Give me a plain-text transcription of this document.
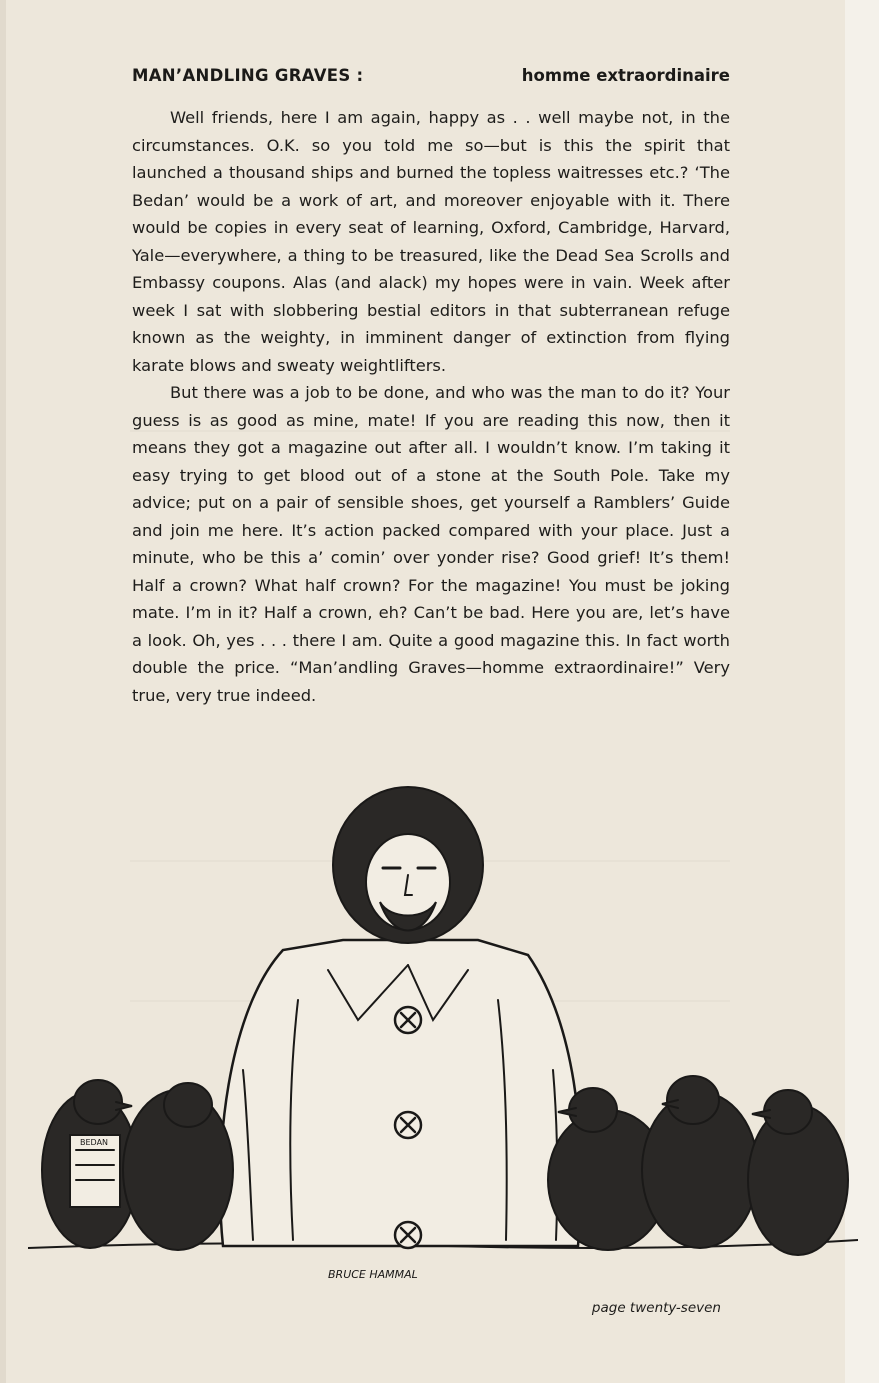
MAN’ANDLING GRAVES :	homme extraordinaire

Well friends, here I am again, happy as . . well maybe not, in the circumstances. O.K. so you told me so—but is this the spirit that launched a thousand ships and burned the topless waitresses etc.? ‘The Bedan’ would be a work of art, and moreover enjoyable with it. There would be copies in every seat of learning, Oxford, Cambridge, Harvard, Yale—everywhere, a thing to be treasured, like the Dead Sea Scrolls and Embassy coupons. Alas (and alack) my hopes were in vain. Week after week I sat with slobbering bestial editors in that subterranean refuge known as the weighty, in imminent danger of extinction from flying karate blows and sweaty weightlifters.

But there was a job to be done, and who was the man to do it? Your guess is as good as mine, mate! If you are reading this now, then it means they got a magazine out after all. I wouldn’t know. I’m taking it easy trying to get blood out of a stone at the South Pole. Take my advice; put on a pair of sensible shoes, get yourself a Ramblers’ Guide and join me here. It’s action packed compared with your place. Just a minute, who be this a’ comin’ over yonder rise? Good grief! It’s them! Half a crown? What half crown? For the magazine! You must be joking mate. I’m in it? Half a crown, eh? Can’t be bad. Here you are, let’s have a look. Oh, yes . . . there I am. Quite a good magazine this. In fact worth double the price. “Man’andling Graves—homme extraordinaire!” Very true, very true indeed.

BEDAN
BRUCE HAMMAL
page twenty-seven
